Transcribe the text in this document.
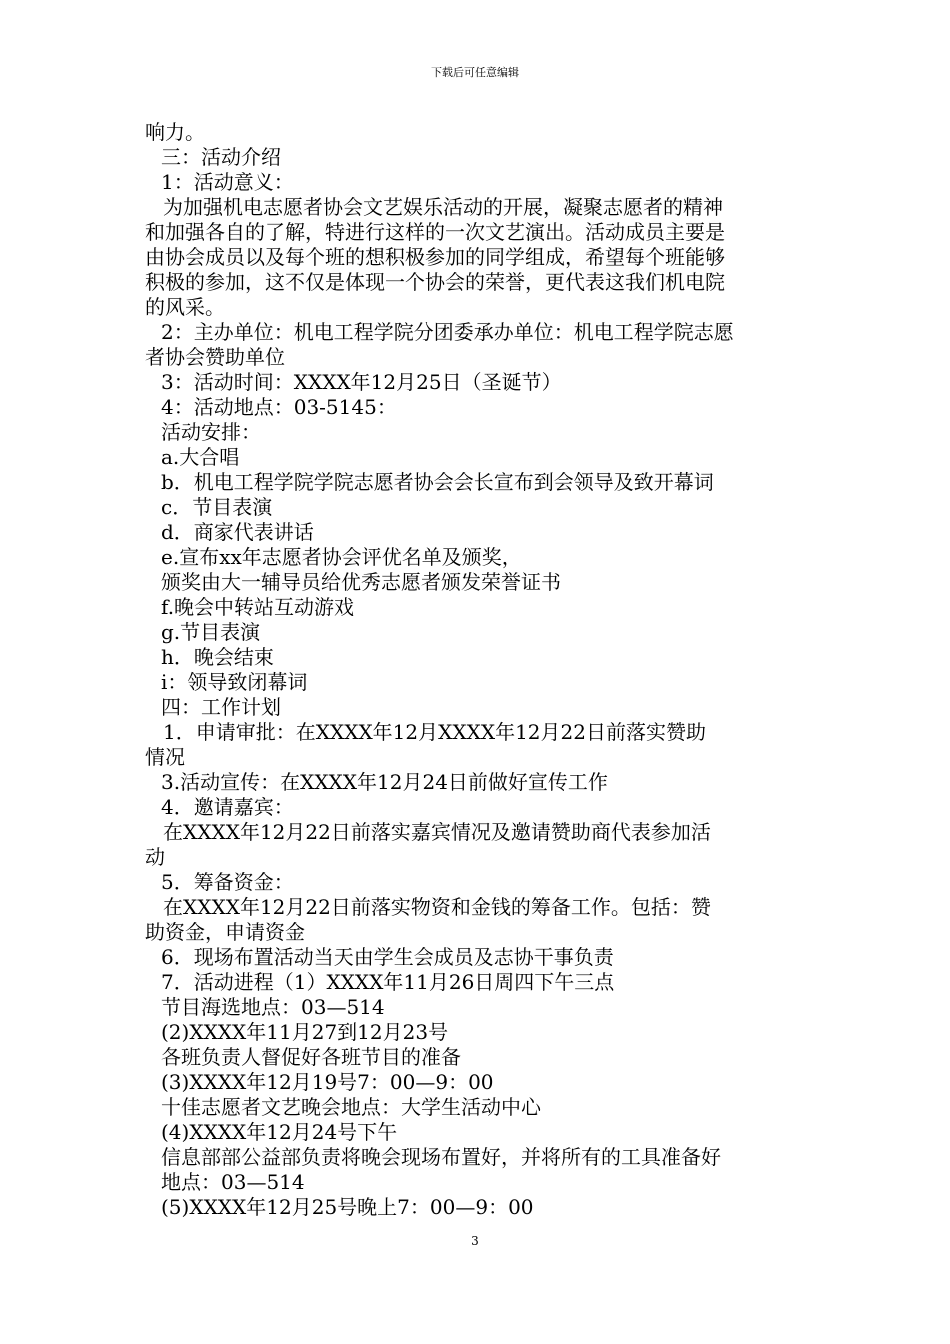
下载后可任意编辑
响力。
三：活动介绍
1：活动意义：
为加强机电志愿者协会文艺娱乐活动的开展，凝聚志愿者的精神
和加强各自的了解，特进行这样的一次文艺演出。活动成员主要是
由协会成员以及每个班的想积极参加的同学组成，希望每个班能够
积极的参加，这不仅是体现一个协会的荣誉，更代表这我们机电院
的风采。
2：主办单位：机电工程学院分团委承办单位：机电工程学院志愿
者协会赞助单位
3：活动时间：XXXX年12月25日（圣诞节）
4：活动地点：03-5145：
活动安排：
a.大合唱
b．机电工程学院学院志愿者协会会长宣布到会领导及致开幕词
c．节目表演
d．商家代表讲话
e.宣布xx年志愿者协会评优名单及颁奖，
颁奖由大一辅导员给优秀志愿者颁发荣誉证书
f.晚会中转站互动游戏
g.节目表演
h．晚会结束
i：领导致闭幕词
四：工作计划
1．申请审批：在XXXX年12月XXXX年12月22日前落实赞助
情况
3.活动宣传：在XXXX年12月24日前做好宣传工作
4．邀请嘉宾：
在XXXX年12月22日前落实嘉宾情况及邀请赞助商代表参加活
动
5．筹备资金：
在XXXX年12月22日前落实物资和金钱的筹备工作。包括：赞
助资金，申请资金
6．现场布置活动当天由学生会成员及志协干事负责
7．活动进程（1）XXXX年11月26日周四下午三点
节目海选地点：03—514
(2)XXXX年11月27到12月23号
各班负责人督促好各班节目的准备
(3)XXXX年12月19号7：00—9：00
十佳志愿者文艺晚会地点：大学生活动中心
(4)XXXX年12月24号下午
信息部部公益部负责将晚会现场布置好，并将所有的工具准备好
地点：03—514
(5)XXXX年12月25号晚上7：00—9：00
3
